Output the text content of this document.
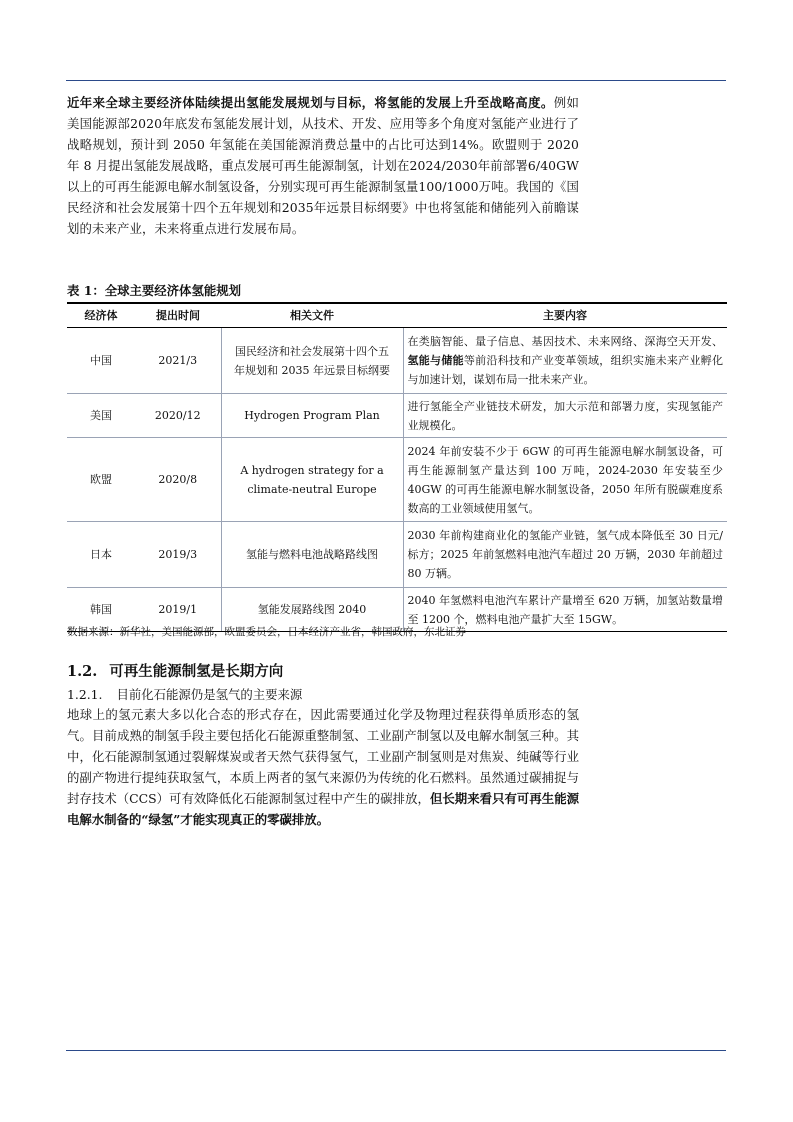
近年来全球主要经济体陆续提出氢能发展规划与目标，将氢能的发展上升至战略高度。例如美国能源部2020年底发布氢能发展计划，从技术、开发、应用等多个角度对氢能产业进行了战略规划，预计到 2050 年氢能在美国能源消费总量中的占比可达到14%。欧盟则于 2020 年 8 月提出氢能发展战略，重点发展可再生能源制氢，计划在2024/2030年前部署6/40GW以上的可再生能源电解水制氢设备，分别实现可再生能源制氢量100/1000万吨。我国的《国民经济和社会发展第十四个五年规划和2035年远景目标纲要》中也将氢能和储能列入前瞻谋划的未来产业，未来将重点进行发展布局。

表 1：全球主要经济体氢能规划
经济体	提出时间	相关文件	主要内容
中国	2021/3	国民经济和社会发展第十四个五年规划和 2035 年远景目标纲要	在类脑智能、量子信息、基因技术、未来网络、深海空天开发、氢能与储能等前沿科技和产业变革领域，组织实施未来产业孵化与加速计划，谋划布局一批未来产业。
美国	2020/12	Hydrogen Program Plan	进行氢能全产业链技术研发，加大示范和部署力度，实现氢能产业规模化。
欧盟	2020/8	A hydrogen strategy for a climate-neutral Europe	2024 年前安装不少于 6GW 的可再生能源电解水制氢设备，可再生能源制氢产量达到 100 万吨，2024-2030 年安装至少 40GW 的可再生能源电解水制氢设备，2050 年所有脱碳难度系数高的工业领域使用氢气。
日本	2019/3	氢能与燃料电池战略路线图	2030 年前构建商业化的氢能产业链，氢气成本降低至 30 日元/标方；2025 年前氢燃料电池汽车超过 20 万辆，2030 年前超过 80 万辆。
韩国	2019/1	氢能发展路线图 2040	2040 年氢燃料电池汽车累计产量增至 620 万辆，加氢站数量增至 1200 个，燃料电池产量扩大至 15GW。
数据来源：新华社，美国能源部，欧盟委员会，日本经济产业省，韩国政府，东北证券
1.2. 可再生能源制氢是长期方向
1.2.1. 目前化石能源仍是氢气的主要来源

地球上的氢元素大多以化合态的形式存在，因此需要通过化学及物理过程获得单质形态的氢气。目前成熟的制氢手段主要包括化石能源重整制氢、工业副产制氢以及电解水制氢三种。其中，化石能源制氢通过裂解煤炭或者天然气获得氢气，工业副产制氢则是对焦炭、纯碱等行业的副产物进行提纯获取氢气，本质上两者的氢气来源仍为传统的化石燃料。虽然通过碳捕捉与封存技术（CCS）可有效降低化石能源制氢过程中产生的碳排放，但长期来看只有可再生能源电解水制备的“绿氢”才能实现真正的零碳排放。
